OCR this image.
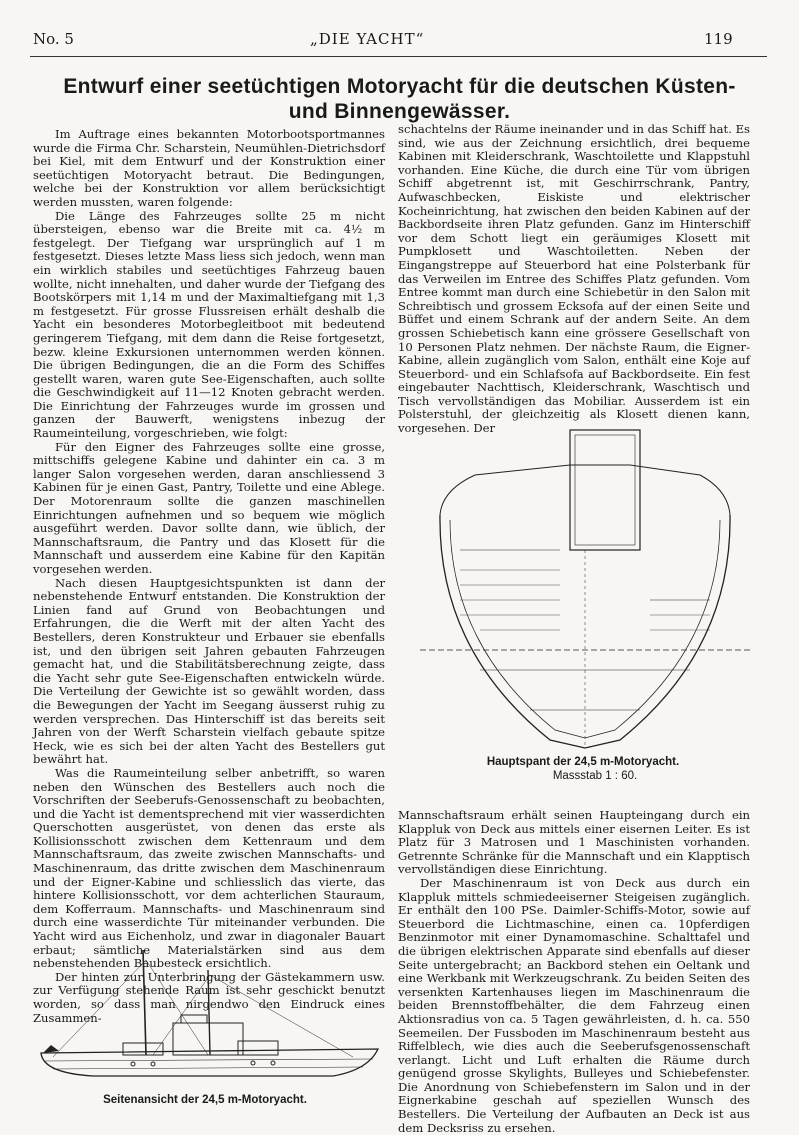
No. 5	„DIE YACHT“	119
Entwurf einer seetüchtigen Motoryacht für die deutschen Küsten-
und Binnengewässer.

Im Auftrage eines bekannten Motorbootsportmannes wurde die Firma Chr. Scharstein, Neumühlen-Dietrichsdorf bei Kiel, mit dem Entwurf und der Konstruktion einer seetüchtigen Motoryacht betraut. Die Bedingungen, welche bei der Konstruktion vor allem berücksichtigt werden mussten, waren folgende:

Die Länge des Fahrzeuges sollte 25 m nicht übersteigen, ebenso war die Breite mit ca. 4½ m festgelegt. Der Tiefgang war ursprünglich auf 1 m festgesetzt. Dieses letzte Mass liess sich jedoch, wenn man ein wirklich stabiles und seetüchtiges Fahrzeug bauen wollte, nicht innehalten, und daher wurde der Tiefgang des Bootskörpers mit 1,14 m und der Maximaltiefgang mit 1,3 m festgesetzt. Für grosse Flussreisen erhält deshalb die Yacht ein besonderes Motorbegleitboot mit bedeutend geringerem Tiefgang, mit dem dann die Reise fortgesetzt, bezw. kleine Exkursionen unternommen werden können. Die übrigen Bedingungen, die an die Form des Schiffes gestellt waren, waren gute See-Eigenschaften, auch sollte die Geschwindigkeit auf 11—12 Knoten gebracht werden. Die Einrichtung der Fahrzeuges wurde im grossen und ganzen der Bauwerft, wenigstens inbezug der Raumeinteilung, vorgeschrieben, wie folgt:

Für den Eigner des Fahrzeuges sollte eine grosse, mittschiffs gelegene Kabine und dahinter ein ca. 3 m langer Salon vorgesehen werden, daran anschliessend 3 Kabinen für je einen Gast, Pantry, Toilette und eine Ablege. Der Motorenraum sollte die ganzen maschinellen Einrichtungen aufnehmen und so bequem wie möglich ausgeführt werden. Davor sollte dann, wie üblich, der Mannschaftsraum, die Pantry und das Klosett für die Mannschaft und ausserdem eine Kabine für den Kapitän vorgesehen werden.

Nach diesen Hauptgesichtspunkten ist dann der nebenstehende Entwurf entstanden. Die Konstruktion der Linien fand auf Grund von Beobachtungen und Erfahrungen, die die Werft mit der alten Yacht des Bestellers, deren Konstrukteur und Erbauer sie ebenfalls ist, und den übrigen seit Jahren gebauten Fahrzeugen gemacht hat, und die Stabilitätsberechnung zeigte, dass die Yacht sehr gute See-Eigenschaften entwickeln würde. Die Verteilung der Gewichte ist so gewählt worden, dass die Bewegungen der Yacht im Seegang äusserst ruhig zu werden versprechen. Das Hinterschiff ist das bereits seit Jahren von der Werft Scharstein vielfach gebaute spitze Heck, wie es sich bei der alten Yacht des Bestellers gut bewährt hat.

Was die Raumeinteilung selber anbetrifft, so waren neben den Wünschen des Bestellers auch noch die Vorschriften der Seeberufs-Genossenschaft zu beobachten, und die Yacht ist dementsprechend mit vier wasserdichten Querschotten ausgerüstet, von denen das erste als Kollisionsschott zwischen dem Kettenraum und dem Mannschaftsraum, das zweite zwischen Mannschafts- und Maschinenraum, das dritte zwischen dem Maschinenraum und der Eigner-Kabine und schliesslich das vierte, das hintere Kollisionsschott, vor dem achterlichen Stauraum, dem Kofferraum. Mannschafts- und Maschinenraum sind durch eine wasserdichte Tür miteinander verbunden. Die Yacht wird aus Eichenholz, und zwar in diagonaler Bauart erbaut; sämtliche Materialstärken sind aus dem nebenstehenden Baubesteck ersichtlich.

Der hinten zur Unterbringung der Gästekammern usw. zur Verfügung stehende Raum ist sehr geschickt benutzt worden, so dass man nirgendwo den Eindruck eines Zusammen-

schachtelns der Räume ineinander und in das Schiff hat. Es sind, wie aus der Zeichnung ersichtlich, drei bequeme Kabinen mit Kleiderschrank, Waschtoilette und Klappstuhl vorhanden. Eine Küche, die durch eine Tür vom übrigen Schiff abgetrennt ist, mit Geschirrschrank, Pantry, Aufwaschbecken, Eiskiste und elektrischer Kocheinrichtung, hat zwischen den beiden Kabinen auf der Backbordseite ihren Platz gefunden. Ganz im Hinterschiff vor dem Schott liegt ein geräumiges Klosett mit Pumpklosett und Waschtoiletten. Neben der Eingangstreppe auf Steuerbord hat eine Polsterbank für das Verweilen im Entree des Schiffes Platz gefunden. Vom Entree kommt man durch eine Schiebetür in den Salon mit Schreibtisch und grossem Ecksofa auf der einen Seite und Büffet und einem Schrank auf der andern Seite. An dem grossen Schiebetisch kann eine grössere Gesellschaft von 10 Personen Platz nehmen. Der nächste Raum, die Eigner-Kabine, allein zugänglich vom Salon, enthält eine Koje auf Steuerbord- und ein Schlafsofa auf Backbordseite. Ein fest eingebauter Nachttisch, Kleiderschrank, Waschtisch und Tisch vervollständigen das Mobiliar. Ausserdem ist ein Polsterstuhl, der gleichzeitig als Klosett dienen kann, vorgesehen. Der

Hauptspant der 24,5 m-Motoryacht.
Massstab 1 : 60.

Mannschaftsraum erhält seinen Haupteingang durch ein Klappluk von Deck aus mittels einer eisernen Leiter. Es ist Platz für 3 Matrosen und 1 Maschinisten vorhanden. Getrennte Schränke für die Mannschaft und ein Klapptisch vervollständigen diese Einrichtung.

Der Maschinenraum ist von Deck aus durch ein Klappluk mittels schmiedeeiserner Steigeisen zugänglich. Er enthält den 100 PSe. Daimler-Schiffs-Motor, sowie auf Steuerbord die Lichtmaschine, einen ca. 10pferdigen Benzinmotor mit einer Dynamomaschine. Schalttafel und die übrigen elektrischen Apparate sind ebenfalls auf dieser Seite untergebracht; an Backbord stehen ein Oeltank und eine Werkbank mit Werkzeugschrank. Zu beiden Seiten des versenkten Kartenhauses liegen im Maschinenraum die beiden Brennstoffbehälter, die dem Fahrzeug einen Aktionsradius von ca. 5 Tagen gewährleisten, d. h. ca. 550 Seemeilen. Der Fussboden im Maschinenraum besteht aus Riffelblech, wie dies auch die Seeberufsgenossenschaft verlangt. Licht und Luft erhalten die Räume durch genügend grosse Skylights, Bulleyes und Schiebefenster. Die Anordnung von Schiebefenstern im Salon und in der Eignerkabine geschah auf speziellen Wunsch des Bestellers. Die Verteilung der Aufbauten an Deck ist aus dem Decksriss zu ersehen.

Seitenansicht der 24,5 m-Motoryacht.
